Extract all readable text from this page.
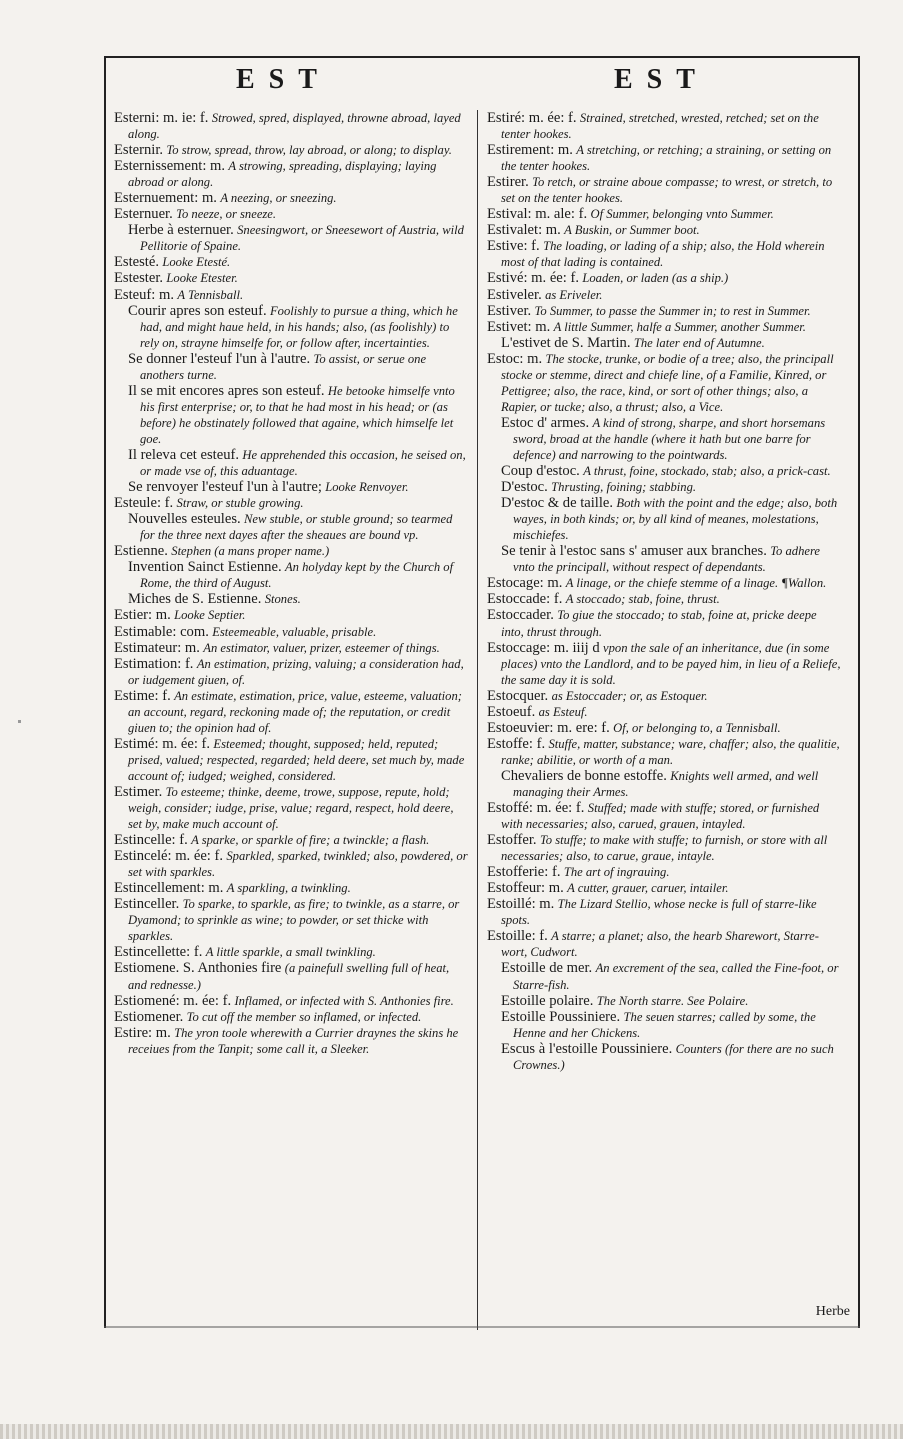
EST	EST

Esterni: m. ie: f. Strowed, spred, displayed, throwne abroad, layed along.

Esternir. To strow, spread, throw, lay abroad, or along; to display.

Esternissement: m. A strowing, spreading, displaying; laying abroad or along.

Esternuement: m. A neezing, or sneezing.

Esternuer. To neeze, or sneeze.

Herbe à esternuer. Sneesingwort, or Sneesewort of Austria, wild Pellitorie of Spaine.

Estesté. Looke Etesté.

Estester. Looke Etester.

Esteuf: m. A Tennisball.

Courir apres son esteuf. Foolishly to pursue a thing, which he had, and might haue held, in his hands; also, (as foolishly) to rely on, strayne himselfe for, or follow after, incertainties.

Se donner l'esteuf l'un à l'autre. To assist, or serue one anothers turne.

Il se mit encores apres son esteuf. He betooke himselfe vnto his first enterprise; or, to that he had most in his head; or (as before) he obstinately followed that againe, which himselfe let goe.

Il releva cet esteuf. He apprehended this occasion, he seised on, or made vse of, this aduantage.

Se renvoyer l'esteuf l'un à l'autre; Looke Renvoyer.

Esteule: f. Straw, or stuble growing.

Nouvelles esteules. New stuble, or stuble ground; so tearmed for the three next dayes after the sheaues are bound vp.

Estienne. Stephen (a mans proper name.)

Invention Sainct Estienne. An holyday kept by the Church of Rome, the third of August.

Miches de S. Estienne. Stones.

Estier: m. Looke Septier.

Estimable: com. Esteemeable, valuable, prisable.

Estimateur: m. An estimator, valuer, prizer, esteemer of things.

Estimation: f. An estimation, prizing, valuing; a consideration had, or iudgement giuen, of.

Estime: f. An estimate, estimation, price, value, esteeme, valuation; an account, regard, reckoning made of; the reputation, or credit giuen to; the opinion had of.

Estimé: m. ée: f. Esteemed; thought, supposed; held, reputed; prised, valued; respected, regarded; held deere, set much by, made account of; iudged; weighed, considered.

Estimer. To esteeme; thinke, deeme, trowe, suppose, repute, hold; weigh, consider; iudge, prise, value; regard, respect, hold deere, set by, make much account of.

Estincelle: f. A sparke, or sparkle of fire; a twinckle; a flash.

Estincelé: m. ée: f. Sparkled, sparked, twinkled; also, powdered, or set with sparkles.

Estincellement: m. A sparkling, a twinkling.

Estinceller. To sparke, to sparkle, as fire; to twinkle, as a starre, or Dyamond; to sprinkle as wine; to powder, or set thicke with sparkles.

Estincellette: f. A little sparkle, a small twinkling.

Estiomene. S. Anthonies fire (a painefull swelling full of heat, and rednesse.)

Estiomené: m. ée: f. Inflamed, or infected with S. Anthonies fire.

Estiomener. To cut off the member so inflamed, or infected.

Estire: m. The yron toole wherewith a Currier draynes the skins he receiues from the Tanpit; some call it, a Sleeker.

Estiré: m. ée: f. Strained, stretched, wrested, retched; set on the tenter hookes.

Estirement: m. A stretching, or retching; a straining, or setting on the tenter hookes.

Estirer. To retch, or straine aboue compasse; to wrest, or stretch, to set on the tenter hookes.

Estival: m. ale: f. Of Summer, belonging vnto Summer.

Estivalet: m. A Buskin, or Summer boot.

Estive: f. The loading, or lading of a ship; also, the Hold wherein most of that lading is contained.

Estivé: m. ée: f. Loaden, or laden (as a ship.)

Estiveler. as Eriveler.

Estiver. To Summer, to passe the Summer in; to rest in Summer.

Estivet: m. A little Summer, halfe a Summer, another Summer.

L'estivet de S. Martin. The later end of Autumne.

Estoc: m. The stocke, trunke, or bodie of a tree; also, the principall stocke or stemme, direct and chiefe line, of a Familie, Kinred, or Pettigree; also, the race, kind, or sort of other things; also, a Rapier, or tucke; also, a thrust; also, a Vice.

Estoc d' armes. A kind of strong, sharpe, and short horsemans sword, broad at the handle (where it hath but one barre for defence) and narrowing to the pointwards.

Coup d'estoc. A thrust, foine, stockado, stab; also, a prick-cast.

D'estoc. Thrusting, foining; stabbing.

D'estoc & de taille. Both with the point and the edge; also, both wayes, in both kinds; or, by all kind of meanes, molestations, mischiefes.

Se tenir à l'estoc sans s' amuser aux branches. To adhere vnto the principall, without respect of dependants.

Estocage: m. A linage, or the chiefe stemme of a linage. ¶Wallon.

Estoccade: f. A stoccado; stab, foine, thrust.

Estoccader. To giue the stoccado; to stab, foine at, pricke deepe into, thrust through.

Estoccage: m. iiij d vpon the sale of an inheritance, due (in some places) vnto the Landlord, and to be payed him, in lieu of a Reliefe, the same day it is sold.

Estocquer. as Estoccader; or, as Estoquer.

Estoeuf. as Esteuf.

Estoeuvier: m. ere: f. Of, or belonging to, a Tennisball.

Estoffe: f. Stuffe, matter, substance; ware, chaffer; also, the qualitie, ranke; abilitie, or worth of a man.

Chevaliers de bonne estoffe. Knights well armed, and well managing their Armes.

Estoffé: m. ée: f. Stuffed; made with stuffe; stored, or furnished with necessaries; also, carued, grauen, intayled.

Estoffer. To stuffe; to make with stuffe; to furnish, or store with all necessaries; also, to carue, graue, intayle.

Estofferie: f. The art of ingrauing.

Estoffeur: m. A cutter, grauer, caruer, intailer.

Estoillé: m. The Lizard Stellio, whose necke is full of starre-like spots.

Estoille: f. A starre; a planet; also, the hearb Sharewort, Starre-wort, Cudwort.

Estoille de mer. An excrement of the sea, called the Fine-foot, or Starre-fish.

Estoille polaire. The North starre. See Polaire.

Estoille Poussiniere. The seuen starres; called by some, the Henne and her Chickens.

Escus à l'estoille Poussiniere. Counters (for there are no such Crownes.)

Herbe
